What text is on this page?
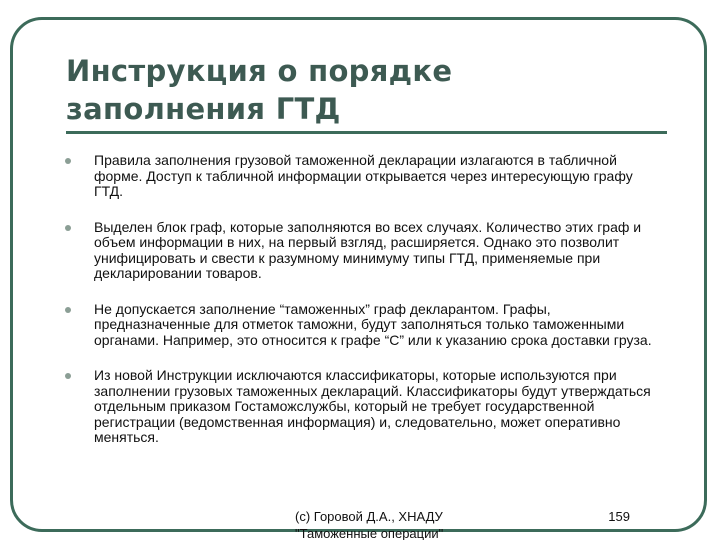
Инструкция о порядке
заполнения ГТД
Правила заполнения грузовой таможенной декларации излагаются в табличной форме. Доступ к табличной информации открывается через интересующую графу ГТД.
Выделен блок граф, которые заполняются во всех случаях. Количество этих граф и объем информации в них, на первый взгляд, расширяется. Однако это позволит унифицировать и свести к разумному минимуму типы ГТД, применяемые при декларировании товаров.
Не допускается заполнение “таможенных” граф декларантом. Графы, предназначенные для отметок таможни, будут заполняться только таможенными органами. Например, это относится к графе “С” или к указанию срока доставки груза.
Из новой Инструкции исключаются классификаторы, которые используются при заполнении грузовых таможенных деклараций. Классификаторы будут утверждаться отдельным приказом Гостаможслужбы, который не требует государственной регистрации (ведомственная информация) и, следовательно, может оперативно меняться.
(с) Горовой Д.А., ХНАДУ
"Таможенные операции"
159
